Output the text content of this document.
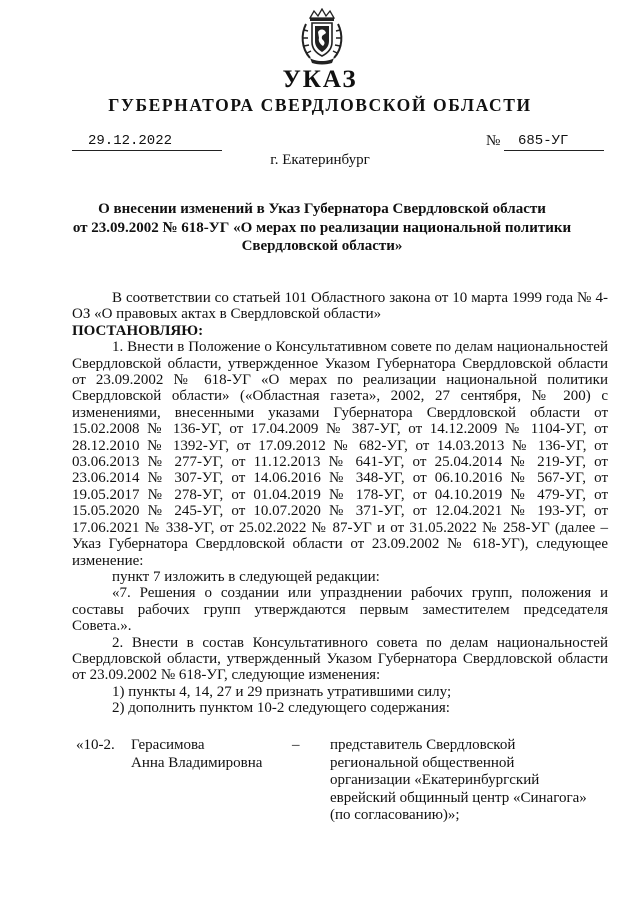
УКАЗ
ГУБЕРНАТОРА СВЕРДЛОВСКОЙ ОБЛАСТИ
29.12.2022	№	685-УГ
г. Екатеринбург
О внесении изменений в Указ Губернатора Свердловской области
от 23.09.2002 № 618-УГ «О мерах по реализации национальной политики
Свердловской области»

В соответствии со статьей 101 Областного закона от 10 марта 1999 года № 4-ОЗ «О правовых актах в Свердловской области»

ПОСТАНОВЛЯЮ:

1. Внести в Положение о Консультативном совете по делам национальностей Свердловской области, утвержденное Указом Губернатора Свердловской области от 23.09.2002 № 618-УГ «О мерах по реализации национальной политики Свердловской области» («Областная газета», 2002, 27 сентября, № 200) с изменениями, внесенными указами Губернатора Свердловской области от 15.02.2008 № 136-УГ, от 17.04.2009 № 387-УГ, от 14.12.2009 № 1104-УГ, от 28.12.2010 № 1392-УГ, от 17.09.2012 № 682-УГ, от 14.03.2013 № 136-УГ, от 03.06.2013 № 277-УГ, от 11.12.2013 № 641-УГ, от 25.04.2014 № 219-УГ, от 23.06.2014 № 307-УГ, от 14.06.2016 № 348-УГ, от 06.10.2016 № 567-УГ, от 19.05.2017 № 278-УГ, от 01.04.2019 № 178-УГ, от 04.10.2019 № 479-УГ, от 15.05.2020 № 245-УГ, от 10.07.2020 № 371-УГ, от 12.04.2021 № 193-УГ, от 17.06.2021 № 338-УГ, от 25.02.2022 № 87-УГ и от 31.05.2022 № 258-УГ (далее – Указ Губернатора Свердловской области от 23.09.2002 № 618-УГ), следующее изменение:

пункт 7 изложить в следующей редакции:

«7. Решения о создании или упразднении рабочих групп, положения и составы рабочих групп утверждаются первым заместителем председателя Совета.».

2. Внести в состав Консультативного совета по делам национальностей Свердловской области, утвержденный Указом Губернатора Свердловской области от 23.09.2002 № 618-УГ, следующие изменения:

1) пункты 4, 14, 27 и 29 признать утратившими силу;

2) дополнить пунктом 10-2 следующего содержания:

«10-2. Герасимова
Анна Владимировна
– представитель Свердловской
региональной общественной
организации «Екатеринбургский
еврейский общинный центр «Синагога»
(по согласованию)»;
